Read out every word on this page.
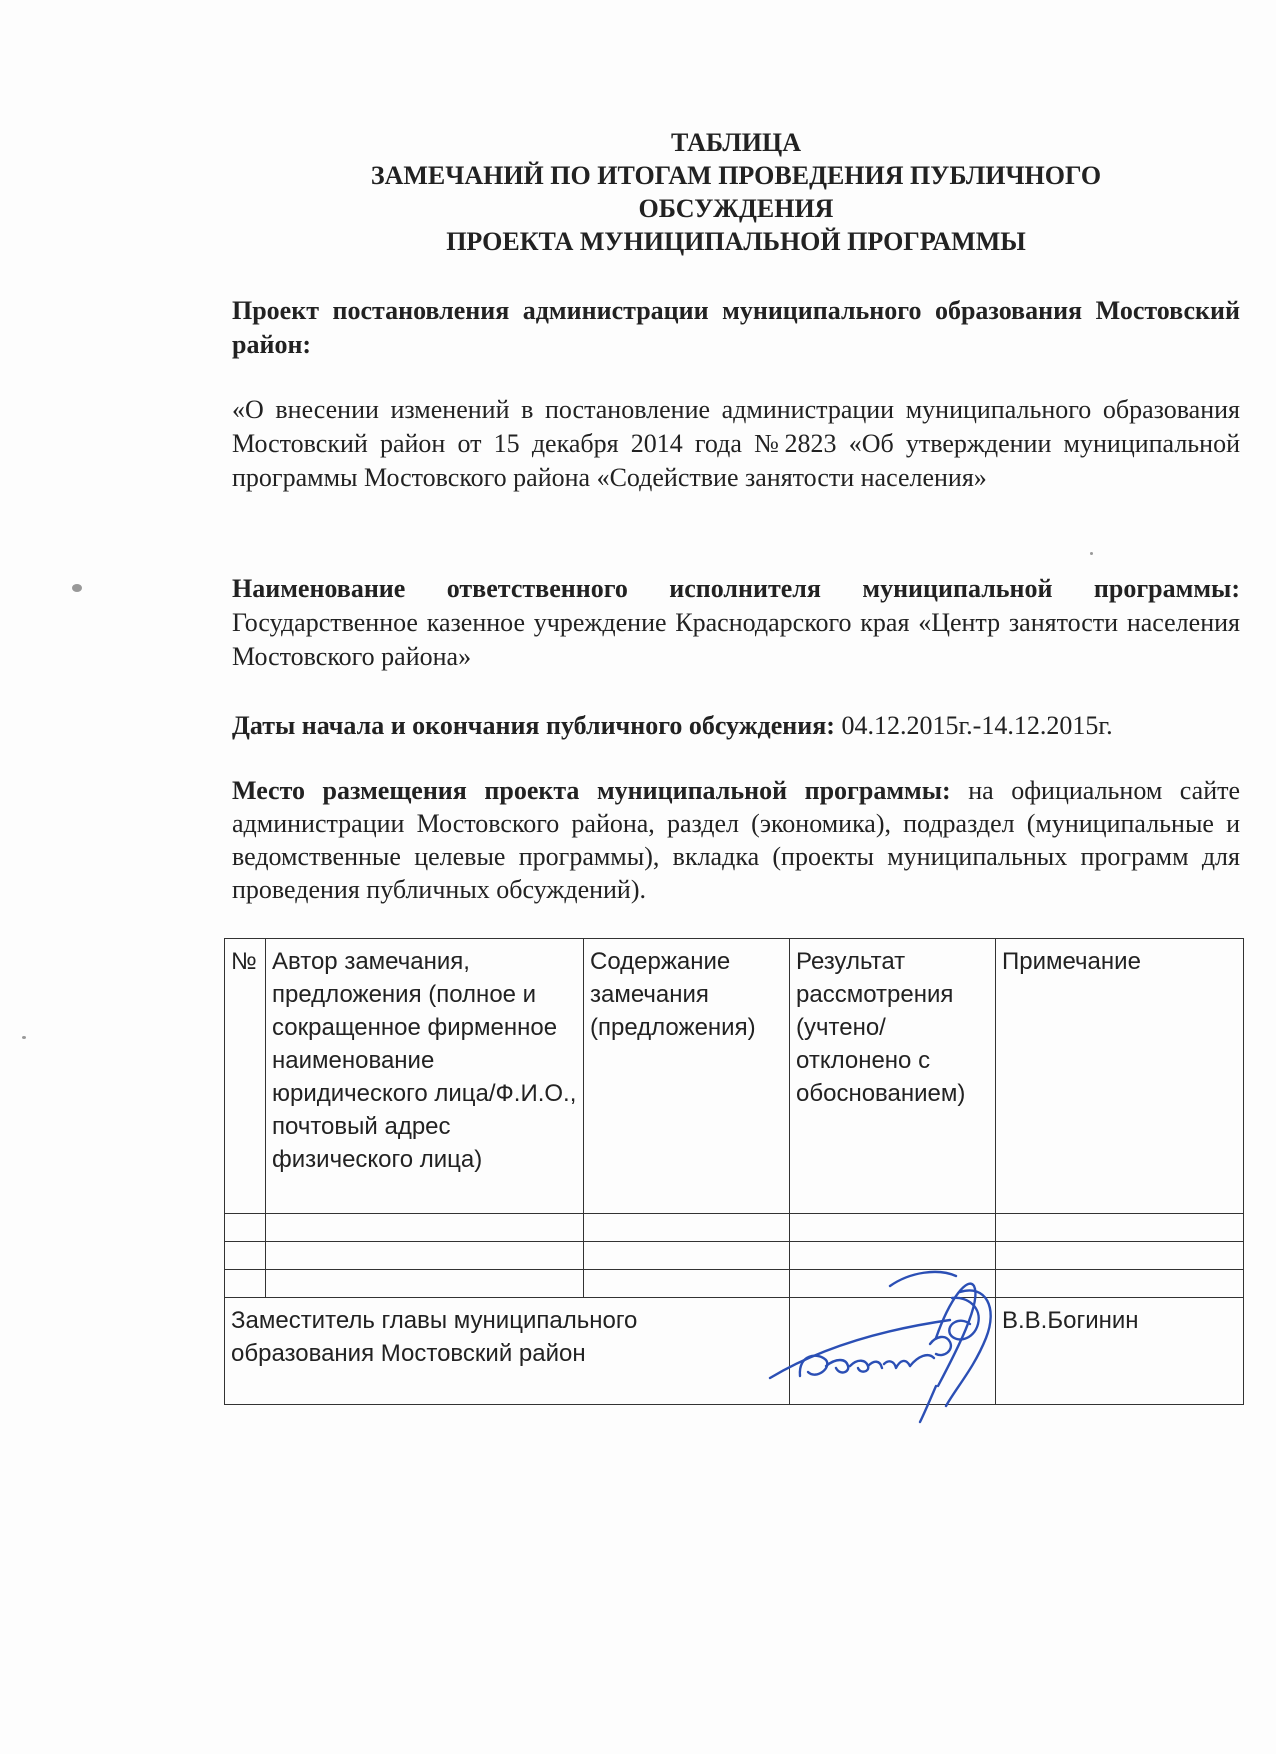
ТАБЛИЦА
ЗАМЕЧАНИЙ ПО ИТОГАМ ПРОВЕДЕНИЯ ПУБЛИЧНОГО
ОБСУЖДЕНИЯ
ПРОЕКТА МУНИЦИПАЛЬНОЙ ПРОГРАММЫ
Проект постановления администрации муниципального образования Мостовский район:
«О внесении изменений в постановление администрации муниципального образования Мостовский район от 15 декабря 2014 года №2823 «Об утверждении муниципальной программы Мостовского района «Содействие занятости населения»
Наименование ответственного исполнителя муниципальной программы: Государственное казенное учреждение Краснодарского края «Центр занятости населения Мостовского района»
Даты начала и окончания публичного обсуждения: 04.12.2015г.-14.12.2015г.
Место размещения проекта муниципальной программы: на официальном сайте администрации Мостовского района, раздел (экономика), подраздел (муниципальные и ведомственные целевые программы), вкладка (проекты муниципальных программ для проведения публичных обсуждений).
№	Автор замечания, предложения (полное и сокращенное фирменное наименование юридического лица/Ф.И.О., почтовый адрес физического лица)	Содержание замечания (предложения)	Результат рассмотрения (учтено/ отклонено с обоснованием)	Примечание

Заместитель главы муниципального образования Мостовский район				В.В.Богинин
